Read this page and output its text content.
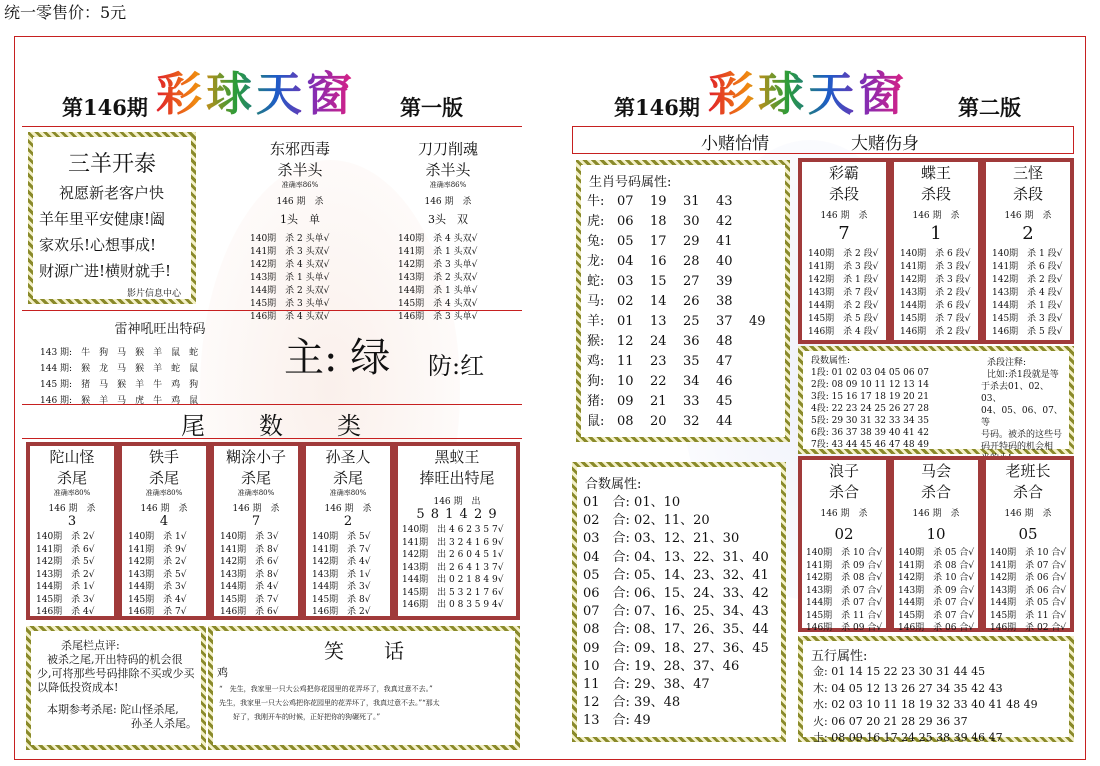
统一零售价：5元
第146期 彩球天窗 第一版
三羊开泰
祝愿新老客户快
羊年里平安健康!阖
家欢乐!心想事成!
财源广进!横财就手!
影片信息中心
东邪西毒
杀半头
准确率86%
146 期　杀
1头　单
140期　杀 2 头单√
141期　杀 3 头双√
142期　杀 4 头双√
143期　杀 1 头单√
144期　杀 2 头双√
145期　杀 3 头单√
146期　杀 4 头双√
刀刀削魂
杀半头
准确率86%
146 期　杀
3头　双
140期　杀 4 头双√
141期　杀 1 头双√
142期　杀 3 头单√
143期　杀 2 头双√
144期　杀 1 头单√
145期　杀 4 头双√
146期　杀 3 头单√
雷神吼旺出特码
143 期:　牛　狗　马　猴　羊　鼠　蛇
144 期:　猴　龙　马　猴　羊　蛇　鼠
145 期:　猪　马　猴　羊　牛　鸡　狗
146 期:　猴　羊　马　虎　牛　鸡　鼠
主: 绿 防:红
尾　　数　　类
陀山怪
杀尾
准确率80%
146 期　杀
3
140期　杀 2√
141期　杀 6√
142期　杀 5√
143期　杀 2√
144期　杀 1√
145期　杀 3√
146期　杀 4√
铁手
杀尾
准确率80%
146 期　杀
4
140期　杀 1√
141期　杀 9√
142期　杀 2√
143期　杀 5√
144期　杀 3√
145期　杀 4√
146期　杀 7√
糊涂小子
杀尾
准确率80%
146 期　杀
7
140期　杀 3√
141期　杀 8√
142期　杀 6√
143期　杀 8√
144期　杀 4√
145期　杀 7√
146期　杀 6√
孙圣人
杀尾
准确率80%
146 期　杀
2
140期　杀 5√
141期　杀 7√
142期　杀 4√
143期　杀 1√
144期　杀 3√
145期　杀 8√
146期　杀 2√
黑蚁王
捧旺出特尾
146 期　出
5 8 1 4 2 9
140期　出 4 6 2 3 5 7√
141期　出 3 2 4 1 6 9√
142期　出 2 6 0 4 5 1√
143期　出 2 6 4 1 3 7√
144期　出 0 2 1 8 4 9√
145期　出 5 3 2 1 7 6√
146期　出 0 8 3 5 9 4√
杀尾栏点评:
被杀之尾,开出特码的机会很
少,可将那些号码排除不买或少买
以降低投资成本!
本期参考杀尾: 陀山怪杀尾,
孙圣人杀尾。
笑　　话
鸡
“　先生，我家里一只大公鸡把你花园里的花弄坏了，我真过意不去。”
先生，我家里一只大公鸡把你花园里的花弄坏了，我真过意不去。”“那太
好了，我刚开车的时候，正好把你的狗碾死了。”
第146期 彩球天窗 第二版
小赌怡情	大赌伤身
生肖号码属性:
牛: 07	19	31	43
虎: 06	18	30	42
兔: 05	17	29	41
龙: 04	16	28	40
蛇: 03	15	27	39
马: 02	14	26	38
羊: 01	13	25	37	49
猴: 12	24	36	48
鸡: 11	23	35	47
狗: 10	22	34	46
猪: 09	21	33	45
鼠: 08	20	32	44
彩霸
杀段
146 期　杀
7
140期　杀 2 段√
141期　杀 3 段√
142期　杀 1 段√
143期　杀 7 段√
144期　杀 2 段√
145期　杀 5 段√
146期　杀 4 段√
蝶王
杀段
146 期　杀
1
140期　杀 6 段√
141期　杀 3 段√
142期　杀 3 段√
143期　杀 2 段√
144期　杀 6 段√
145期　杀 7 段√
146期　杀 2 段√
三怪
杀段
146 期　杀
2
140期　杀 1 段√
141期　杀 6 段√
142期　杀 2 段√
143期　杀 4 段√
144期　杀 1 段√
145期　杀 3 段√
146期　杀 5 段√
段数属性:
1段: 01 02 03 04 05 06 07
2段: 08 09 10 11 12 13 14
3段: 15 16 17 18 19 20 21
4段: 22 23 24 25 26 27 28
5段: 29 30 31 32 33 34 35
6段: 36 37 38 39 40 41 42
7段: 43 44 45 46 47 48 49
杀段注释:
比如:杀1段就是等
于杀去01、02、03、
04、05、06、07、等
号码。被杀的这些号
码开特码的机会相
合数属性:
01　合: 01、10
02　合: 02、11、20
03　合: 03、12、21、30
04　合: 04、13、22、31、40
05　合: 05、14、23、32、41
06　合: 06、15、24、33、42
07　合: 07、16、25、34、43
08　合: 08、17、26、35、44
09　合: 09、18、27、36、45
10　合: 19、28、37、46
11　合: 29、38、47
12　合: 39、48
13　合: 49
浪子
杀合
146 期　杀
02
140期　杀 10 合√
141期　杀 09 合√
142期　杀 08 合√
143期　杀 07 合√
144期　杀 07 合√
145期　杀 11 合√
146期　杀 09 合√
马会
杀合
146 期　杀
10
140期　杀 05 合√
141期　杀 08 合√
142期　杀 10 合√
143期　杀 09 合√
144期　杀 07 合√
145期　杀 07 合√
146期　杀 06 合√
老班长
杀合
146 期　杀
05
140期　杀 10 合√
141期　杀 07 合√
142期　杀 06 合√
143期　杀 06 合√
144期　杀 05 合√
145期　杀 11 合√
146期　杀 02 合√
五行属性:
金: 01 14 15 22 23 30 31 44 45
木: 04 05 12 13 26 27 34 35 42 43
水: 02 03 10 11 18 19 32 33 40 41 48 49
火: 06 07 20 21 28 29 36 37
土: 08 09 16 17 24 25 38 39 46 47
